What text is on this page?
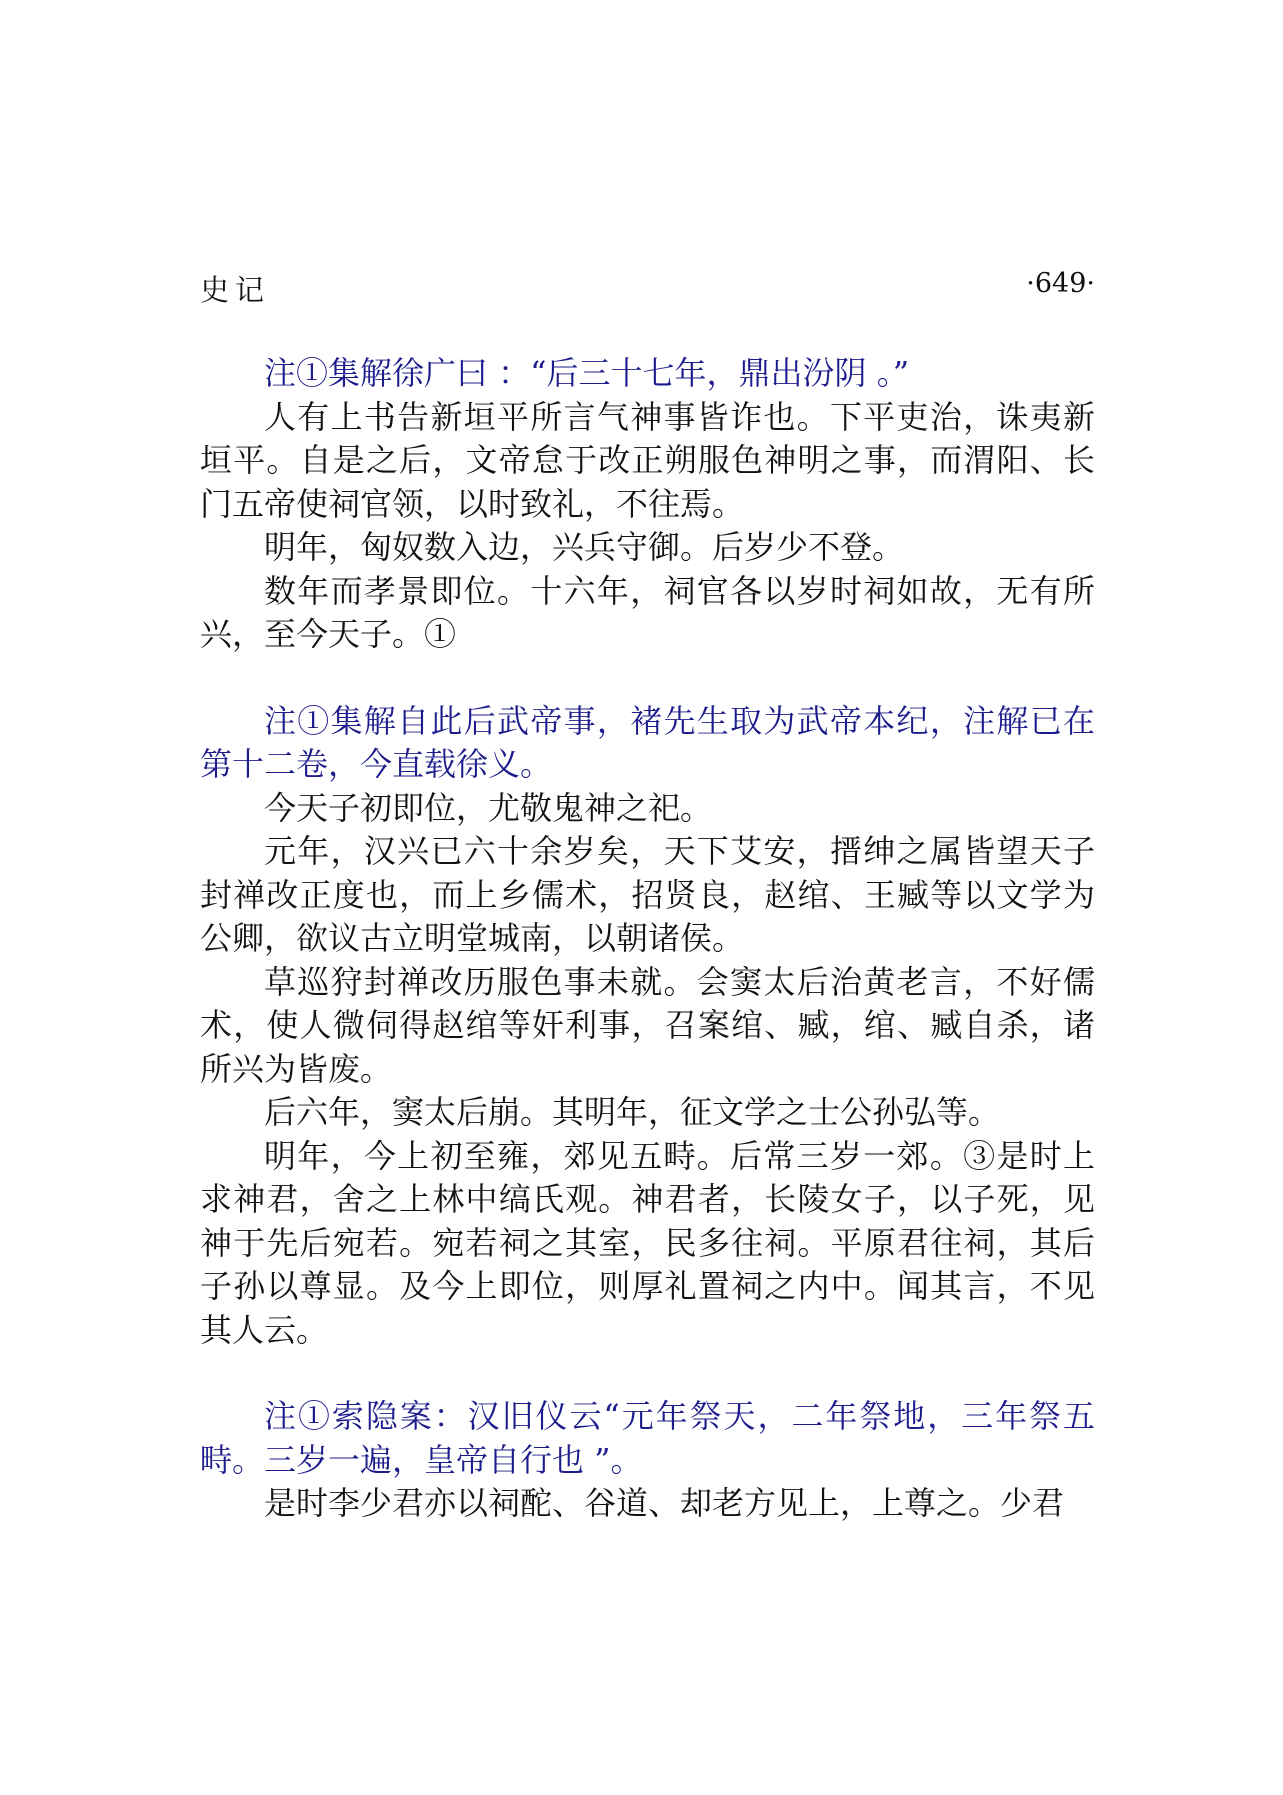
史记	·649·

注①集解徐广曰 ：“后三十七年，鼎出汾阴 。”

人有上书告新垣平所言气神事皆诈也。下平吏治，诛夷新垣平。自是之后，文帝怠于改正朔服色神明之事，而渭阳、长门五帝使祠官领，以时致礼，不往焉。

明年，匈奴数入边，兴兵守御。后岁少不登。

数年而孝景即位。十六年，祠官各以岁时祠如故，无有所兴，至今天子。①

注①集解自此后武帝事，褚先生取为武帝本纪，注解已在第十二卷，今直载徐义。

今天子初即位，尤敬鬼神之祀。

元年，汉兴已六十余岁矣，天下艾安，搢绅之属皆望天子封禅改正度也，而上乡儒术，招贤良，赵绾、王臧等以文学为公卿，欲议古立明堂城南，以朝诸侯。

草巡狩封禅改历服色事未就。会窦太后治黄老言，不好儒术，使人微伺得赵绾等奸利事，召案绾、臧，绾、臧自杀，诸所兴为皆废。

后六年，窦太后崩。其明年，征文学之士公孙弘等。

明年，今上初至雍，郊见五畤。后常三岁一郊。③是时上求神君，舍之上林中缟氏观。神君者，长陵女子，以子死，见神于先后宛若。宛若祠之其室，民多往祠。平原君往祠，其后子孙以尊显。及今上即位，则厚礼置祠之内中。闻其言，不见其人云。

注①索隐案：汉旧仪云“元年祭天，二年祭地，三年祭五畤。三岁一遍，皇帝自行也 ”。

是时李少君亦以祠酡、谷道、却老方见上，上尊之。少君
